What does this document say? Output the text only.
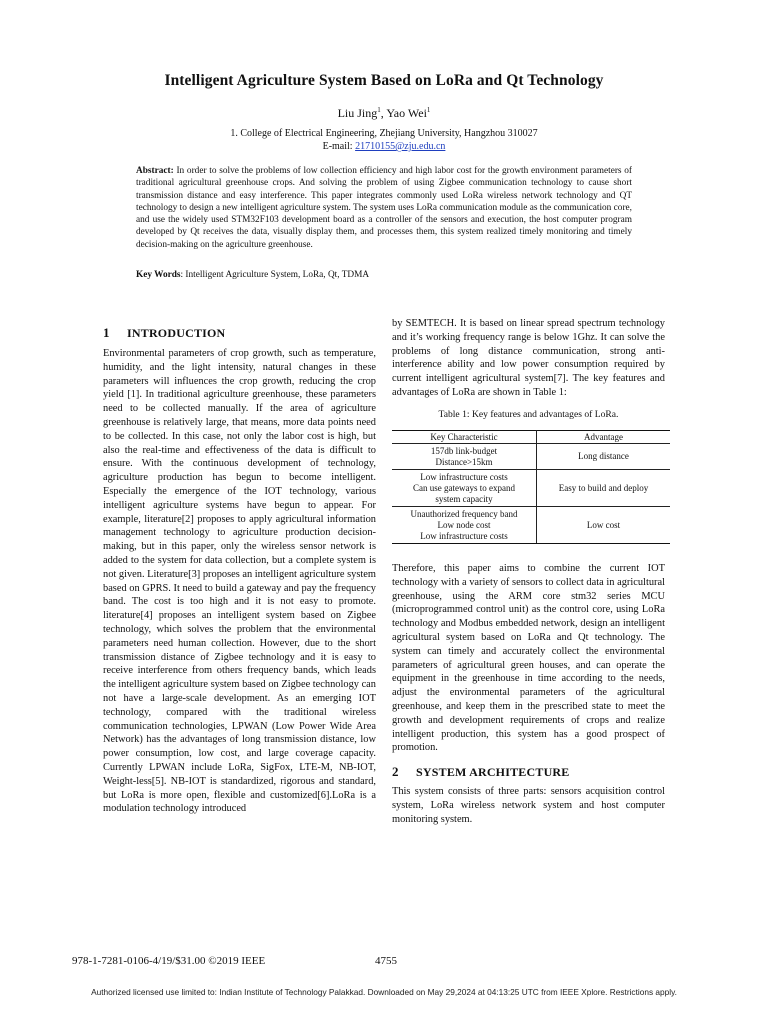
Intelligent Agriculture System Based on LoRa and Qt Technology
Liu Jing$^1$, Yao Wei$^1$
1. College of Electrical Engineering, Zhejiang University, Hangzhou 310027
E-mail: 21710155@zju.edu.cn
Abstract: In order to solve the problems of low collection efficiency and high labor cost for the growth environment parameters of traditional agricultural greenhouse crops. And solving the problem of using Zigbee communication technology to cause short transmission distance and easy interference. This paper integrates commonly used LoRa wireless network technology and QT technology to design a new intelligent agriculture system. The system uses LoRa communication module as the communication core, and use the widely used STM32F103 development board as a controller of the sensors and execution, the host computer program developed by Qt receives the data, visually display them, and processes them, this system realized timely monitoring and timely decision-making on the agriculture greenhouse.
Key Words: Intelligent Agriculture System, LoRa, Qt, TDMA
1 INTRODUCTION
Environmental parameters of crop growth, such as temperature, humidity, and the light intensity, natural changes in these parameters will influences the crop growth, reducing the crop yield [1]. In traditional agriculture greenhouse, these parameters need to be collected manually. If the area of agriculture greenhouse is relatively large, that means, more data points need to be collected. In this case, not only the labor cost is high, but also the real-time and effectiveness of the data is difficult to ensure. With the continuous development of technology, agriculture production has begun to become intelligent. Especially the emergence of the IOT technology, various intelligent agriculture systems have begun to appear. For example, literature[2] proposes to apply agricultural information management technology to agriculture production decision-making, but in this paper, only the wireless sensor network is added to the system for data collection, but a complete system is not given. Literature[3] proposes an intelligent agriculture system based on GPRS. It need to build a gateway and pay the frequency band. The cost is too high and it is not easy to promote. literature[4] proposes an intelligent system based on Zigbee technology, which solves the problem that the environmental parameters need human collection. However, due to the short transmission distance of Zigbee technology and it is easy to receive interference from others frequency bands, which leads the intelligent agriculture system based on Zigbee technology can not have a large-scale development. As an emerging IOT technology, compared with the traditional wireless communication technologies, LPWAN (Low Power Wide Area Network) has the advantages of long transmission distance, low power consumption, low cost, and large coverage capacity. Currently LPWAN include LoRa, SigFox, LTE-M, NB-IOT, Weight-less[5]. NB-IOT is standardized, rigorous and standard, but LoRa is more open, flexible and customized[6].LoRa is a modulation technology introduced
by SEMTECH. It is based on linear spread spectrum technology and it’s working frequency range is below 1Ghz. It can solve the problems of long distance communication, strong anti-interference ability and low power consumption required by current intelligent agricultural system[7]. The key features and advantages of LoRa are shown in Table 1:
Table 1: Key features and advantages of LoRa.
Key Characteristic	Advantage

157db link-budget
Distance>15km	Long distance

Low infrastructure costs
Can use gateways to expand
system capacity	Easy to build and deploy

Unauthorized frequency band
Low node cost
Low infrastructure costs	Low cost
Therefore, this paper aims to combine the current IOT technology with a variety of sensors to collect data in agricultural greenhouse, using the ARM core stm32 series MCU (microprogrammed control unit) as the control core, using LoRa technology and Modbus embedded network, design an intelligent agricultural system based on LoRa and Qt technology. The system can timely and accurately collect the environmental parameters of agricultural green houses, and can operate the equipment in the greenhouse in time according to the needs, adjust the environmental parameters of the agricultural greenhouse, and keep them in the prescribed state to meet the growth and development requirements of crops and realize intelligent production, this system has a good prospect of promotion.
2 SYSTEM ARCHITECTURE
This system consists of three parts: sensors acquisition control system, LoRa wireless network system and host computer monitoring system.
978-1-7281-0106-4/19/$31.00 ©2019 IEEE	4755
Authorized licensed use limited to: Indian Institute of Technology Palakkad. Downloaded on May 29,2024 at 04:13:25 UTC from IEEE Xplore. Restrictions apply.
